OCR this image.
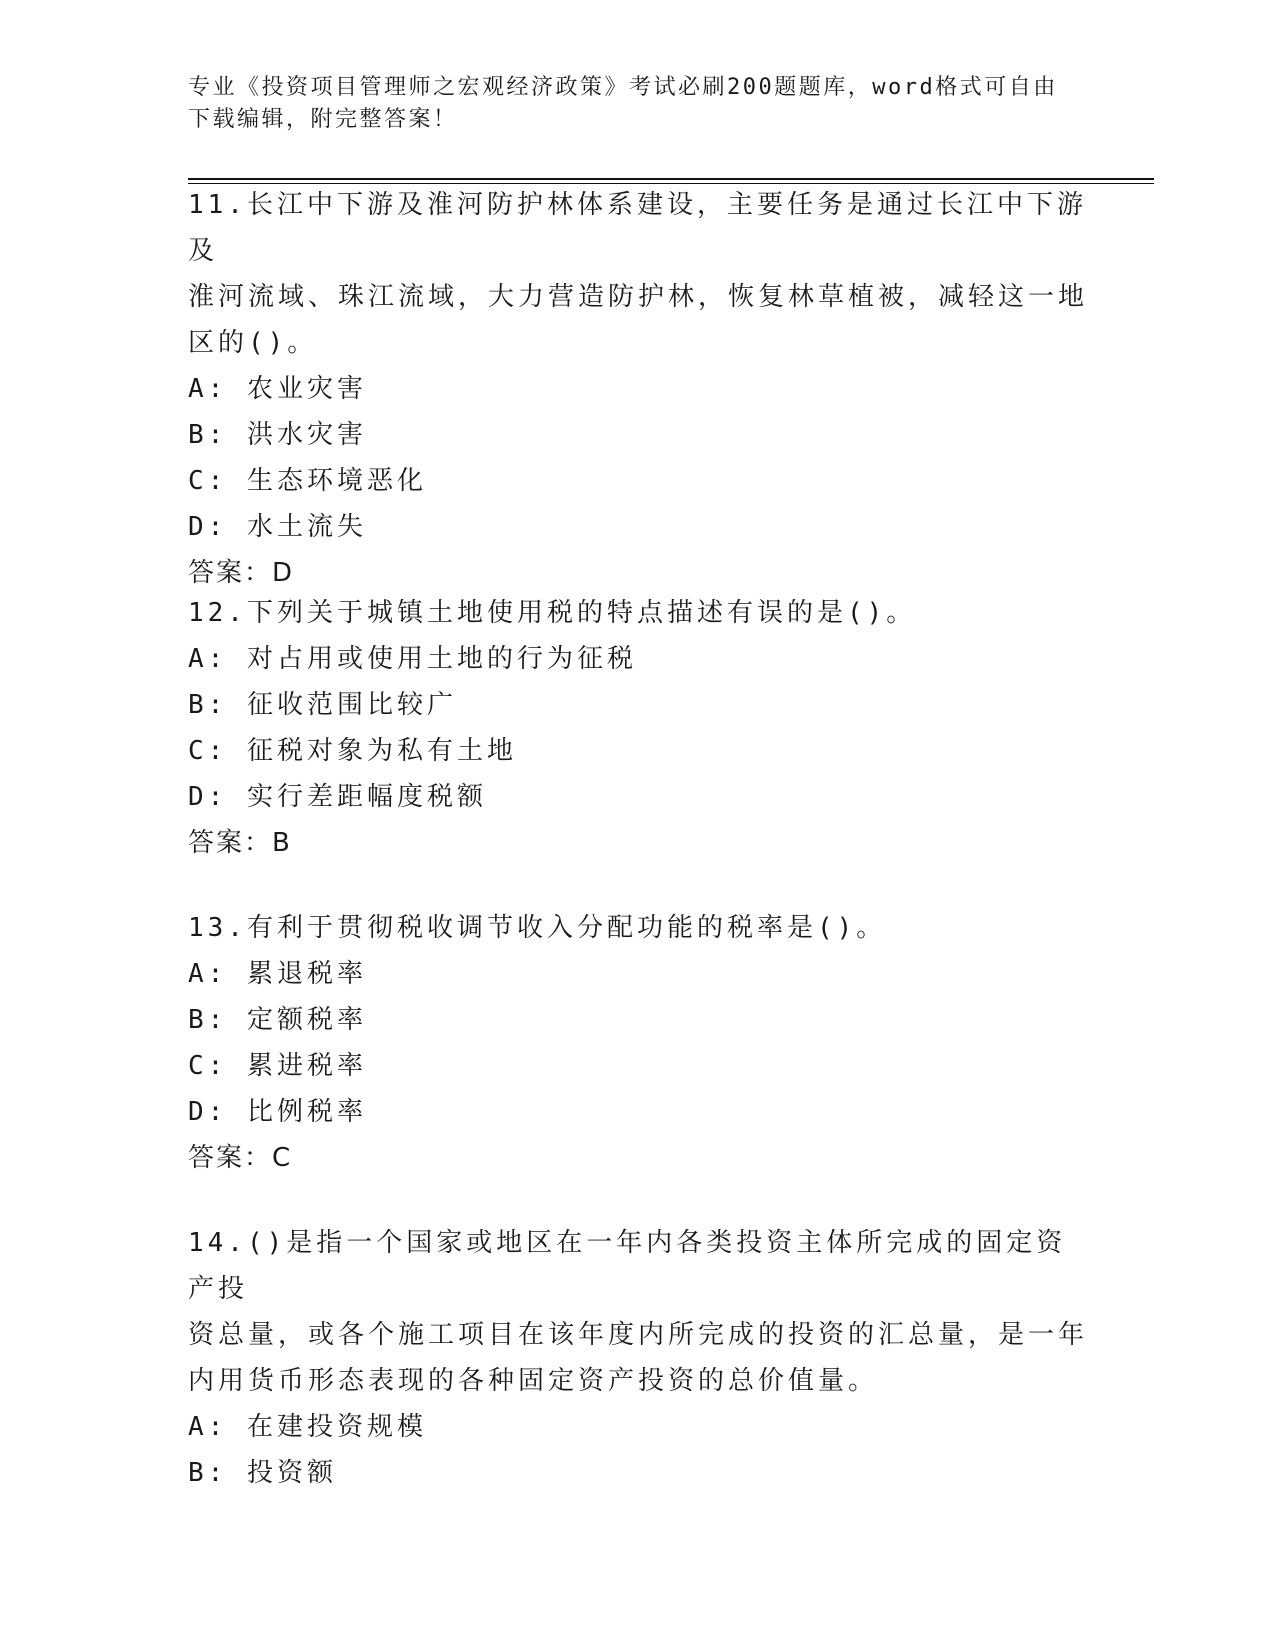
专业《投资项目管理师之宏观经济政策》考试必刷200题题库，word格式可自由
下载编辑，附完整答案！

11.长江中下游及淮河防护林体系建设，主要任务是通过长江中下游及

淮河流域、珠江流域，大力营造防护林，恢复林草植被，减轻这一地

区的()。

A: 农业灾害

B: 洪水灾害

C: 生态环境恶化

D: 水土流失

答案：D

12.下列关于城镇土地使用税的特点描述有误的是()。

A: 对占用或使用土地的行为征税

B: 征收范围比较广

C: 征税对象为私有土地

D: 实行差距幅度税额

答案：B

13.有利于贯彻税收调节收入分配功能的税率是()。

A: 累退税率

B: 定额税率

C: 累进税率

D: 比例税率

答案：C

14.()是指一个国家或地区在一年内各类投资主体所完成的固定资产投

资总量，或各个施工项目在该年度内所完成的投资的汇总量，是一年

内用货币形态表现的各种固定资产投资的总价值量。

A: 在建投资规模

B: 投资额
